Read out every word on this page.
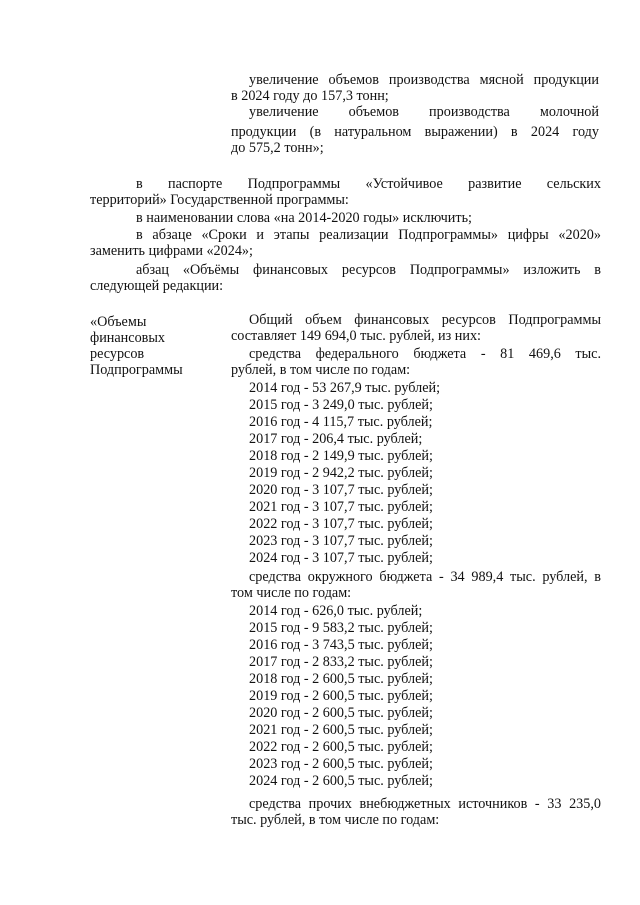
увеличение объемов производства мясной продукции
в 2024 году до 157,3 тонн;
увеличение объемов производства молочной
продукции (в натуральном выражении) в 2024 году
до 575,2 тонн»;
в паспорте Подпрограммы «Устойчивое развитие сельских
территорий» Государственной программы:
в наименовании слова «на 2014-2020 годы» исключить;
в абзаце «Сроки и этапы реализации Подпрограммы» цифры «2020»
заменить цифрами «2024»;
абзац «Объёмы финансовых ресурсов Подпрограммы» изложить в
следующей редакции:
«Объемы
финансовых
ресурсов
Подпрограммы
Общий объем финансовых ресурсов Подпрограммы
составляет 149 694,0 тыс. рублей, из них:
средства федерального бюджета - 81 469,6 тыс.
рублей, в том числе по годам:
2014 год - 53 267,9 тыс. рублей;
2015 год - 3 249,0 тыс. рублей;
2016 год - 4 115,7 тыс. рублей;
2017 год - 206,4 тыс. рублей;
2018 год - 2 149,9 тыс. рублей;
2019 год - 2 942,2 тыс. рублей;
2020 год - 3 107,7 тыс. рублей;
2021 год - 3 107,7 тыс. рублей;
2022 год - 3 107,7 тыс. рублей;
2023 год - 3 107,7 тыс. рублей;
2024 год - 3 107,7 тыс. рублей;
средства окружного бюджета - 34 989,4 тыс. рублей, в
том числе по годам:
2014 год - 626,0 тыс. рублей;
2015 год - 9 583,2 тыс. рублей;
2016 год - 3 743,5 тыс. рублей;
2017 год - 2 833,2 тыс. рублей;
2018 год - 2 600,5 тыс. рублей;
2019 год - 2 600,5 тыс. рублей;
2020 год - 2 600,5 тыс. рублей;
2021 год - 2 600,5 тыс. рублей;
2022 год - 2 600,5 тыс. рублей;
2023 год - 2 600,5 тыс. рублей;
2024 год - 2 600,5 тыс. рублей;
средства прочих внебюджетных источников - 33 235,0
тыс. рублей, в том числе по годам:
